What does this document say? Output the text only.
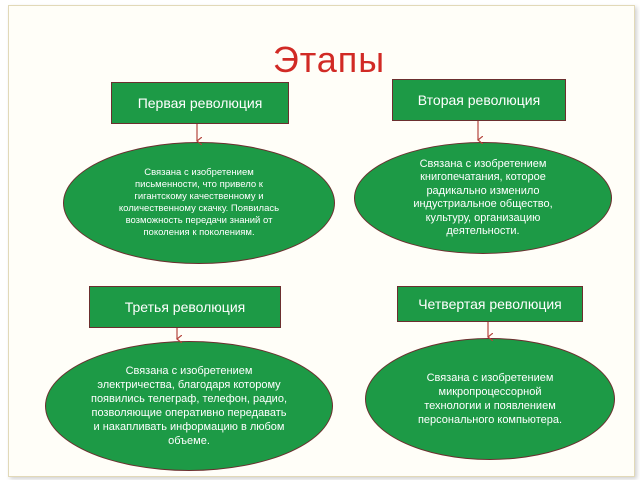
Этапы
Первая революция
Связана с изобретением письменности, что привело к гигантскому качественному и количественному скачку. Появилась возможность передачи знаний от поколения к поколениям.
Вторая революция
Связана с изобретением книгопечатания, которое радикально изменило индустриальное общество, культуру, организацию деятельности.
Третья революция
Связана с изобретением электричества, благодаря которому появились телеграф, телефон, радио, позволяющие оперативно передавать и накапливать информацию в любом объеме.
Четвертая революция
Связана с изобретением микропроцессорной технологии и появлением персонального компьютера.
